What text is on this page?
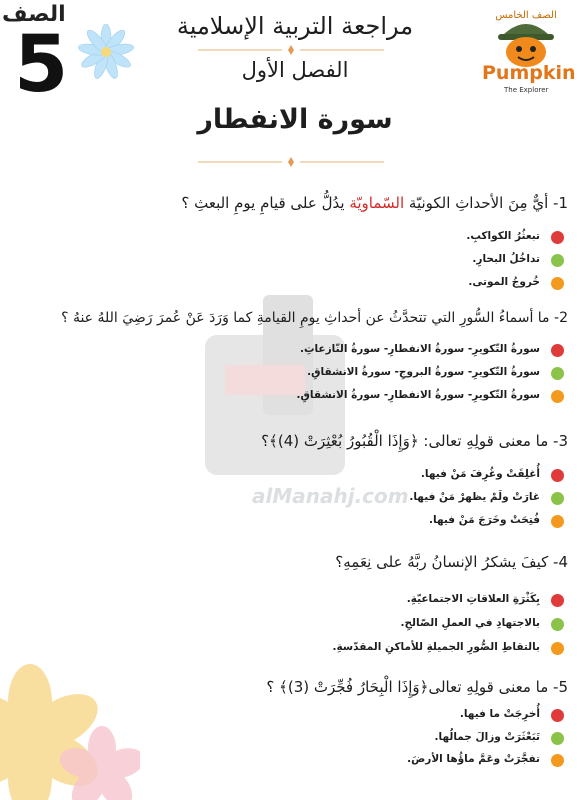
الصف
5	مراجعة التربية الإسلامية
الفصل الأول
سورة الانفطار
الصف الخامس
Pumpkin
The Explorer
alManahj.com
1- أيٌّ مِنَ الأحداثِ الكونيّة السّماويّة يدُلُّ على قيامِ يومِ البعثِ ؟
تبعثُرُ الكواكبِ.
تداخُلُ البحارِ.
خُروجُ الموتى.
2- ما أسماءُ السُّورِ التي تتحدَّثُ عن أحداثِ يومِ القيامةِ كما وَرَدَ عَنْ عُمرَ رَضِيَ اللهُ عنهُ ؟
سورةُ التّكويرِ- سورةُ الانفطارِ- سورةُ النّازعاتِ.
سورةُ التّكويرِ- سورةُ البروجِ- سورةُ الانشقاقِ.
سورةُ التّكويرِ- سورةُ الانفطارِ- سورةُ الانشقاقِ.
3- ما معنى قولِهِ تعالى: ﴿وَإِذَا الْقُبُورُ بُعْثِرَتْ (4)﴾؟
أُغلِقَتْ وغُرِفَ مَنْ فيها.
غارَتْ ولَمْ يظهرْ مَنْ فيها.
فُتِحَتْ وخَرَجَ مَنْ فيها.
4- كيفَ يشكرُ الإنسانُ ربَّهُ على نِعَمِهِ؟
بِكَثْرَةِ العلاقاتِ الاجتماعيّةِ.
بالاجتهادِ في العملِ الصّالحِ.
بالتقاطِ الصُّورِ الجميلةِ للأماكنِ المقدّسةِ.
5- ما معنى قولِهِ تعالى﴿وَإِذَا الْبِحَارُ فُجِّرَتْ (3)﴾ ؟
أُخرِجَتْ ما فيها.
تَبَعْثَرَتْ وزالَ جمالُها.
تفجَّرَتْ وعَمَّ ماؤُها الأرضَ.
